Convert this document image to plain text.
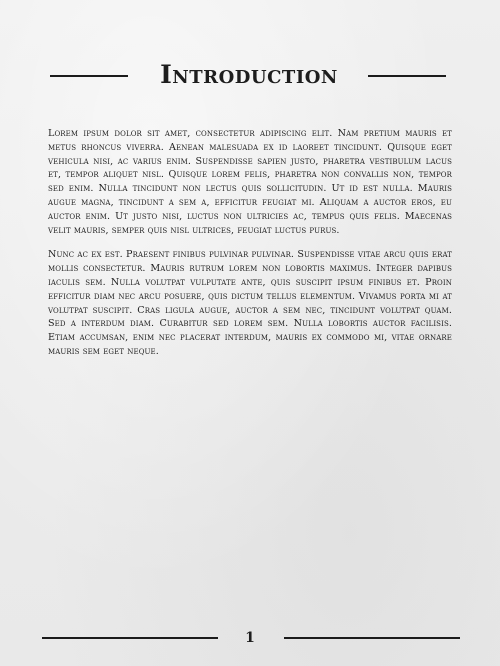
Introduction

Lorem ipsum dolor sit amet, consectetur adipiscing elit. Nam pretium mauris et metus rhoncus viverra. Aenean malesuada ex id laoreet tincidunt. Quisque eget vehicula nisi, ac varius enim. Suspendisse sapien justo, pharetra vestibulum lacus et, tempor aliquet nisl. Quisque lorem felis, pharetra non convallis non, tempor sed enim. Nulla tincidunt non lectus quis sollicitudin. Ut id est nulla. Mauris augue magna, tincidunt a sem a, efficitur feugiat mi. Aliquam a auctor eros, eu auctor enim. Ut justo nisi, luctus non ultricies ac, tempus quis felis. Maecenas velit mauris, semper quis nisl ultrices, feugiat luctus purus.

Nunc ac ex est. Praesent finibus pulvinar pulvinar. Suspendisse vitae arcu quis erat mollis consectetur. Mauris rutrum lorem non lobortis maximus. Integer dapibus iaculis sem. Nulla volutpat vulputate ante, quis suscipit ipsum finibus et. Proin efficitur diam nec arcu posuere, quis dictum tellus elementum. Vivamus porta mi at volutpat suscipit. Cras ligula augue, auctor a sem nec, tincidunt volutpat quam. Sed a interdum diam. Curabitur sed lorem sem. Nulla lobortis auctor facilisis. Etiam accumsan, enim nec placerat interdum, mauris ex commodo mi, vitae ornare mauris sem eget neque.

1
